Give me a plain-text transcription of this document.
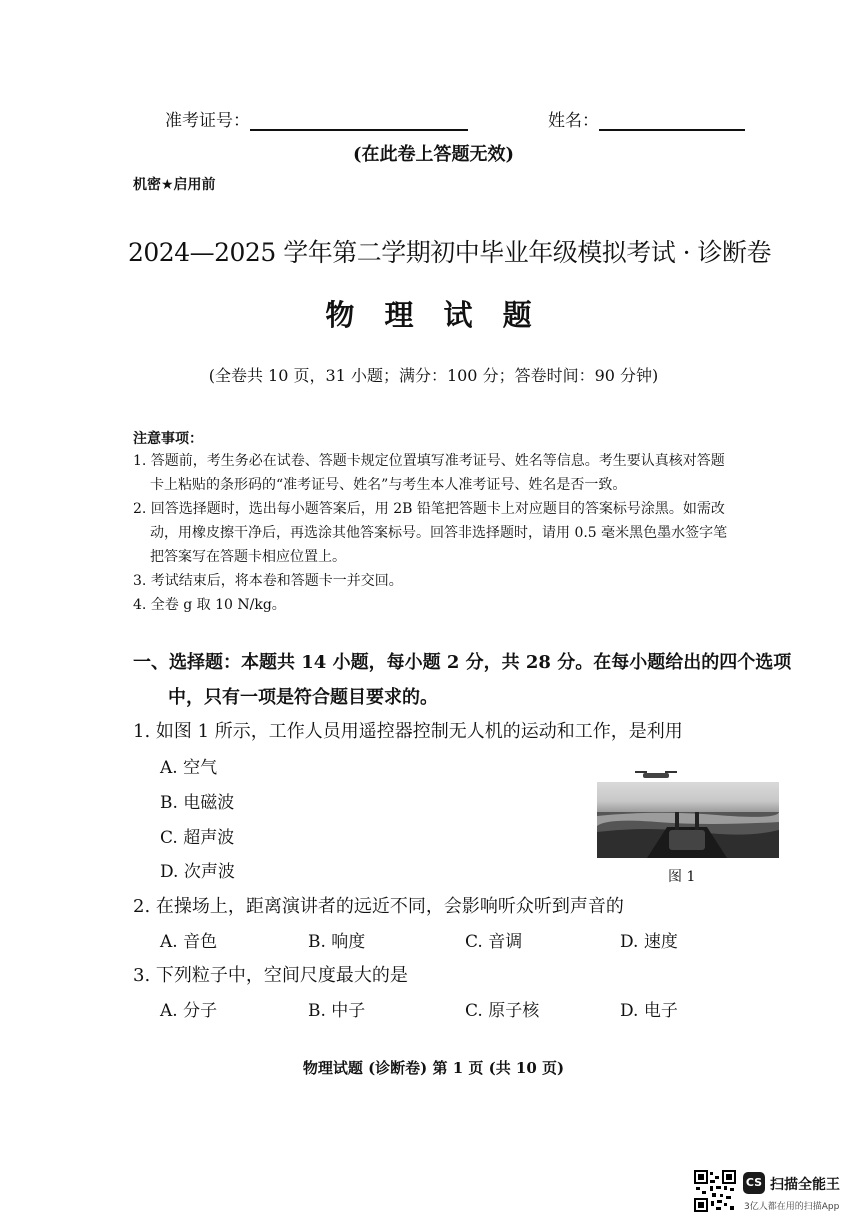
准考证号：	姓名：
(在此卷上答题无效)
机密★启用前
2024—2025 学年第二学期初中毕业年级模拟考试 · 诊断卷
物 理 试 题
(全卷共 10 页，31 小题；满分：100 分；答卷时间：90 分钟)
注意事项：
1. 答题前，考生务必在试卷、答题卡规定位置填写准考证号、姓名等信息。考生要认真核对答题
卡上粘贴的条形码的“准考证号、姓名”与考生本人准考证号、姓名是否一致。
2. 回答选择题时，选出每小题答案后，用 2B 铅笔把答题卡上对应题目的答案标号涂黑。如需改
动，用橡皮擦干净后，再选涂其他答案标号。回答非选择题时，请用 0.5 毫米黑色墨水签字笔
把答案写在答题卡相应位置上。
3. 考试结束后，将本卷和答题卡一并交回。
4. 全卷 g 取 10 N/kg。
一、选择题：本题共 14 小题，每小题 2 分，共 28 分。在每小题给出的四个选项
中，只有一项是符合题目要求的。
1. 如图 1 所示，工作人员用遥控器控制无人机的运动和工作，是利用
A. 空气
B. 电磁波
C. 超声波
D. 次声波	图 1
2. 在操场上，距离演讲者的远近不同，会影响听众听到声音的
A. 音色	B. 响度	C. 音调	D. 速度
3. 下列粒子中，空间尺度最大的是
A. 分子	B. 中子	C. 原子核	D. 电子
物理试题 (诊断卷) 第 1 页 (共 10 页)
CS 扫描全能王
3亿人都在用的扫描App
